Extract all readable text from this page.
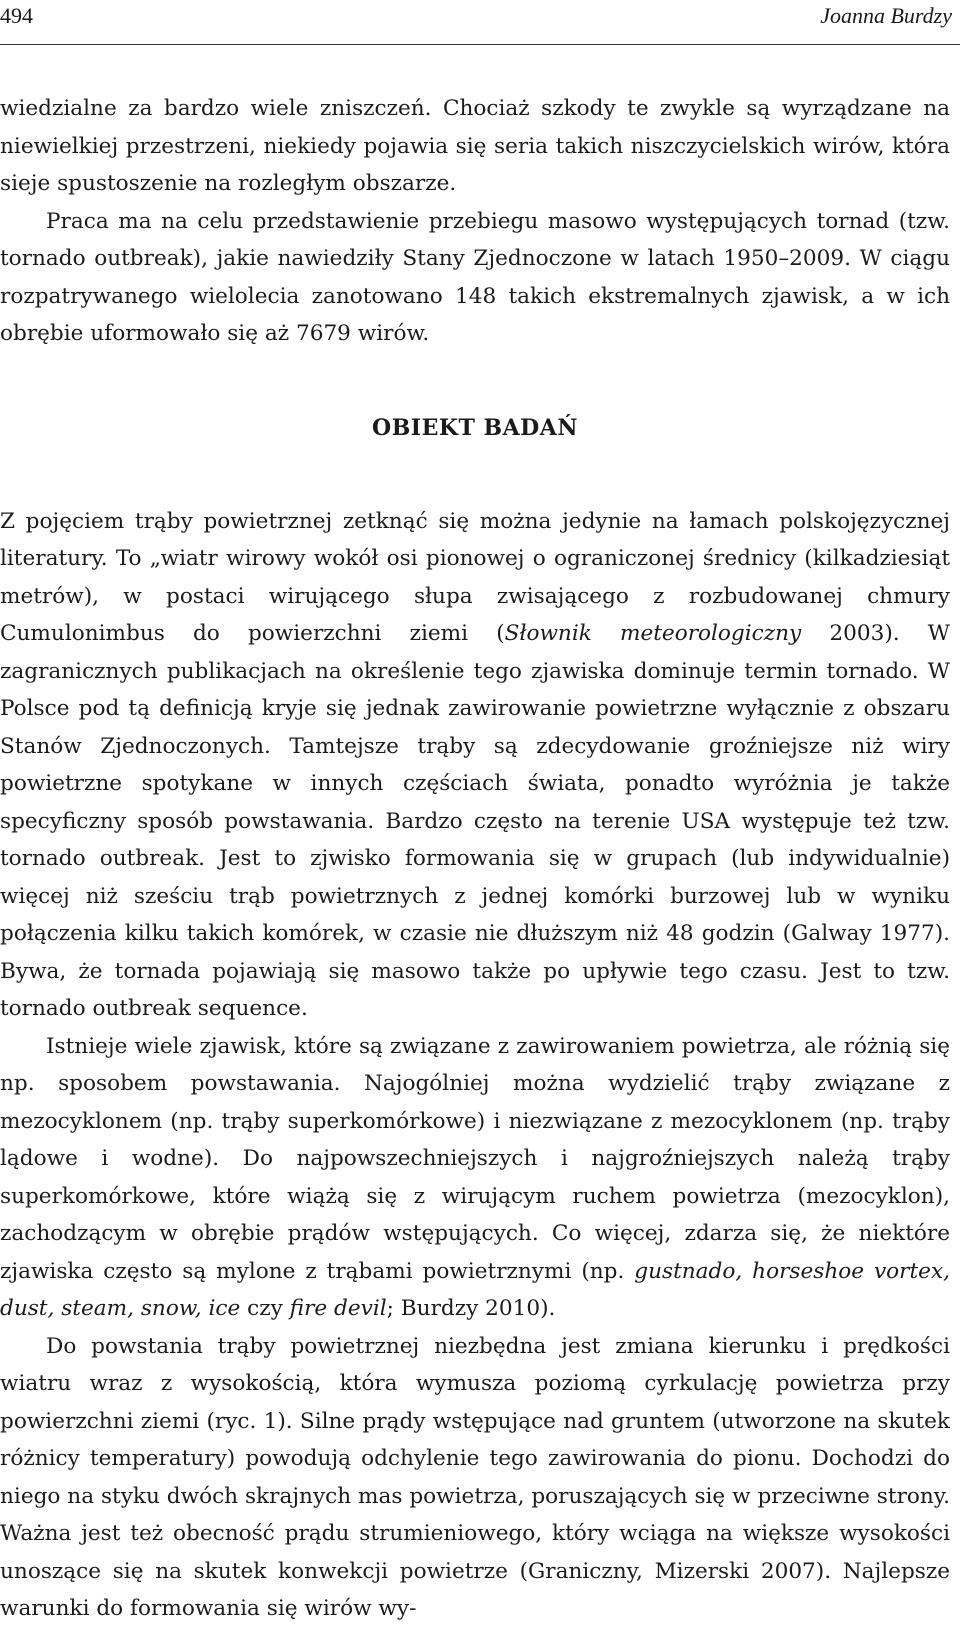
494	Joanna Burdzy

wiedzialne za bardzo wiele zniszczeń. Chociaż szkody te zwykle są wyrządzane na niewielkiej przestrzeni, niekiedy pojawia się seria takich niszczycielskich wirów, która sieje spustoszenie na rozległym obszarze.

Praca ma na celu przedstawienie przebiegu masowo występujących tornad (tzw. tornado outbreak), jakie nawiedziły Stany Zjednoczone w latach 1950–2009. W ciągu rozpatrywanego wielolecia zanotowano 148 takich ekstremalnych zjawisk, a w ich obrębie uformowało się aż 7679 wirów.

OBIEKT BADAŃ

Z pojęciem trąby powietrznej zetknąć się można jedynie na łamach polskojęzycznej literatury. To „wiatr wirowy wokół osi pionowej o ograniczonej średnicy (kilkadziesiąt metrów), w postaci wirującego słupa zwisającego z rozbudowanej chmury Cumulonimbus do powierzchni ziemi (Słownik meteorologiczny 2003). W zagranicznych publikacjach na określenie tego zjawiska dominuje termin tornado. W Polsce pod tą definicją kryje się jednak zawirowanie powietrzne wyłącznie z obszaru Stanów Zjednoczonych. Tamtejsze trąby są zdecydowanie groźniejsze niż wiry powietrzne spotykane w innych częściach świata, ponadto wyróżnia je także specyficzny sposób powstawania. Bardzo często na terenie USA występuje też tzw. tornado outbreak. Jest to zjwisko formowania się w grupach (lub indywidualnie) więcej niż sześciu trąb powietrznych z jednej komórki burzowej lub w wyniku połączenia kilku takich komórek, w czasie nie dłuższym niż 48 godzin (Galway 1977). Bywa, że tornada pojawiają się masowo także po upływie tego czasu. Jest to tzw. tornado outbreak sequence.

Istnieje wiele zjawisk, które są związane z zawirowaniem powietrza, ale różnią się np. sposobem powstawania. Najogólniej można wydzielić trąby związane z mezocyklonem (np. trąby superkomórkowe) i niezwiązane z mezocyklonem (np. trąby lądowe i wodne). Do najpowszechniejszych i najgroźniejszych należą trąby superkomórkowe, które wiążą się z wirującym ruchem powietrza (mezocyklon), zachodzącym w obrębie prądów wstępujących. Co więcej, zdarza się, że niektóre zjawiska często są mylone z trąbami powietrznymi (np. gustnado, horseshoe vortex, dust, steam, snow, ice czy fire devil; Burdzy 2010).

Do powstania trąby powietrznej niezbędna jest zmiana kierunku i prędkości wiatru wraz z wysokością, która wymusza poziomą cyrkulację powietrza przy powierzchni ziemi (ryc. 1). Silne prądy wstępujące nad gruntem (utworzone na skutek różnicy temperatury) powodują odchylenie tego zawirowania do pionu. Dochodzi do niego na styku dwóch skrajnych mas powietrza, poruszających się w przeciwne strony. Ważna jest też obecność prądu strumieniowego, który wciąga na większe wysokości unoszące się na skutek konwekcji powietrze (Graniczny, Mizerski 2007). Najlepsze warunki do formowania się wirów wy-
